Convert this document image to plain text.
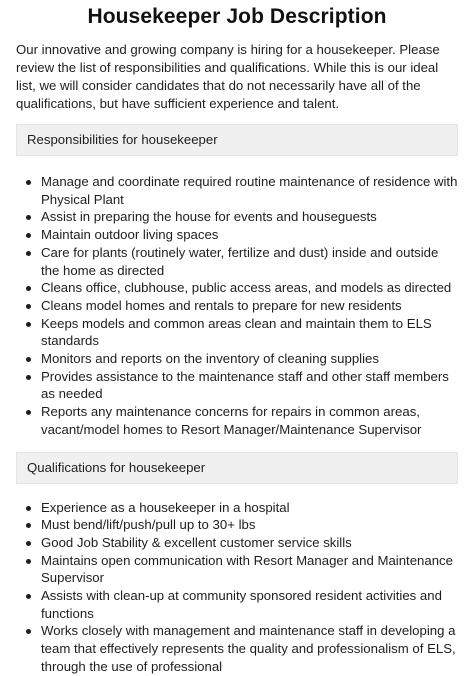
Housekeeper Job Description

Our innovative and growing company is hiring for a housekeeper. Please review the list of responsibilities and qualifications. While this is our ideal list, we will consider candidates that do not necessarily have all of the qualifications, but have sufficient experience and talent.

Responsibilities for housekeeper
Manage and coordinate required routine maintenance of residence with Physical Plant
Assist in preparing the house for events and houseguests
Maintain outdoor living spaces
Care for plants (routinely water, fertilize and dust) inside and outside the home as directed
Cleans office, clubhouse, public access areas, and models as directed
Cleans model homes and rentals to prepare for new residents
Keeps models and common areas clean and maintain them to ELS standards
Monitors and reports on the inventory of cleaning supplies
Provides assistance to the maintenance staff and other staff members as needed
Reports any maintenance concerns for repairs in common areas, vacant/model homes to Resort Manager/Maintenance Supervisor
Qualifications for housekeeper
Experience as a housekeeper in a hospital
Must bend/lift/push/pull up to 30+ lbs
Good Job Stability & excellent customer service skills
Maintains open communication with Resort Manager and Maintenance Supervisor
Assists with clean-up at community sponsored resident activities and functions
Works closely with management and maintenance staff in developing a team that effectively represents the quality and professionalism of ELS, through the use of professional
